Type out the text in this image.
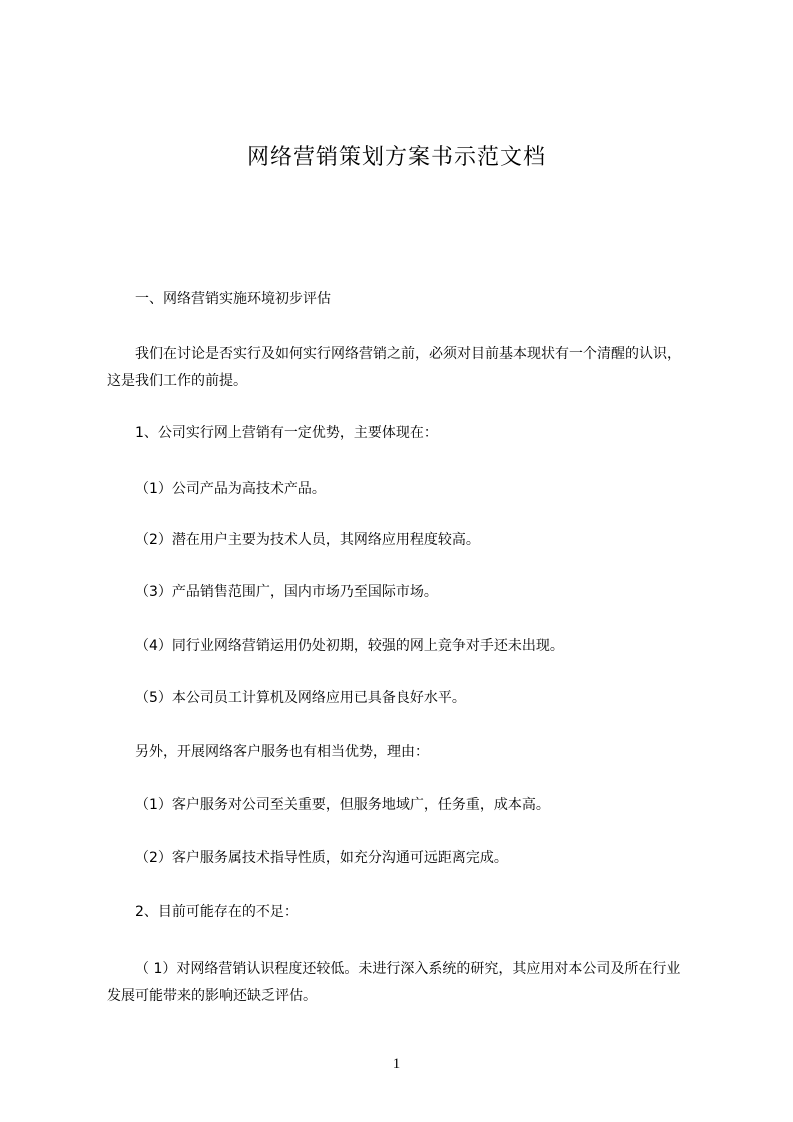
网络营销策划方案书示范文档
一、网络营销实施环境初步评估
我们在讨论是否实行及如何实行网络营销之前，必须对目前基本现状有一个清醒的认识，这是我们工作的前提。
1、公司实行网上营销有一定优势，主要体现在：
（1）公司产品为高技术产品。
（2）潜在用户主要为技术人员，其网络应用程度较高。
（3）产品销售范围广，国内市场乃至国际市场。
（4）同行业网络营销运用仍处初期，较强的网上竞争对手还未出现。
（5）本公司员工计算机及网络应用已具备良好水平。
另外，开展网络客户服务也有相当优势，理由：
（1）客户服务对公司至关重要，但服务地域广，任务重，成本高。
（2）客户服务属技术指导性质，如充分沟通可远距离完成。
2、目前可能存在的不足：
（ 1）对网络营销认识程度还较低。未进行深入系统的研究，其应用对本公司及所在行业发展可能带来的影响还缺乏评估。
1
